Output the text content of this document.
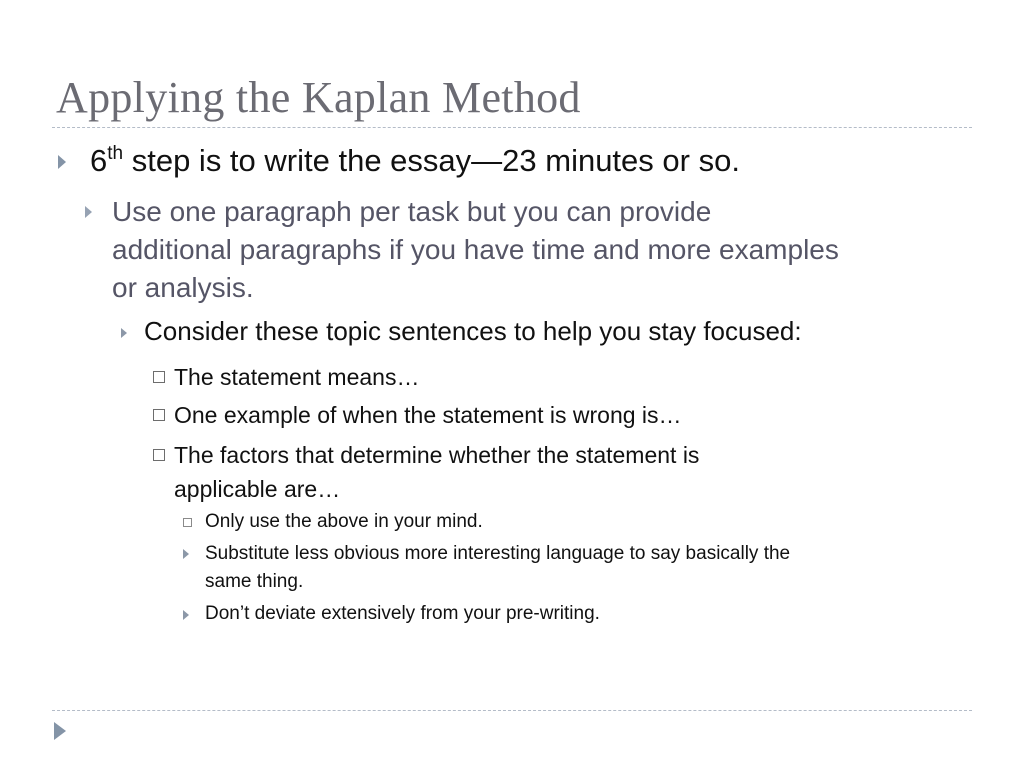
Applying the Kaplan Method
6th step is to write the essay—23 minutes or so.
Use one paragraph per task but you can provide
additional paragraphs if you have time and more examples
or analysis.
Consider these topic sentences to help you stay focused:
The statement means…
One example of when the statement is wrong is…
The factors that determine whether the statement is
applicable are…
Only use the above in your mind.
Substitute less obvious more interesting language to say basically the
same thing.
Don’t deviate extensively from your pre-writing.
